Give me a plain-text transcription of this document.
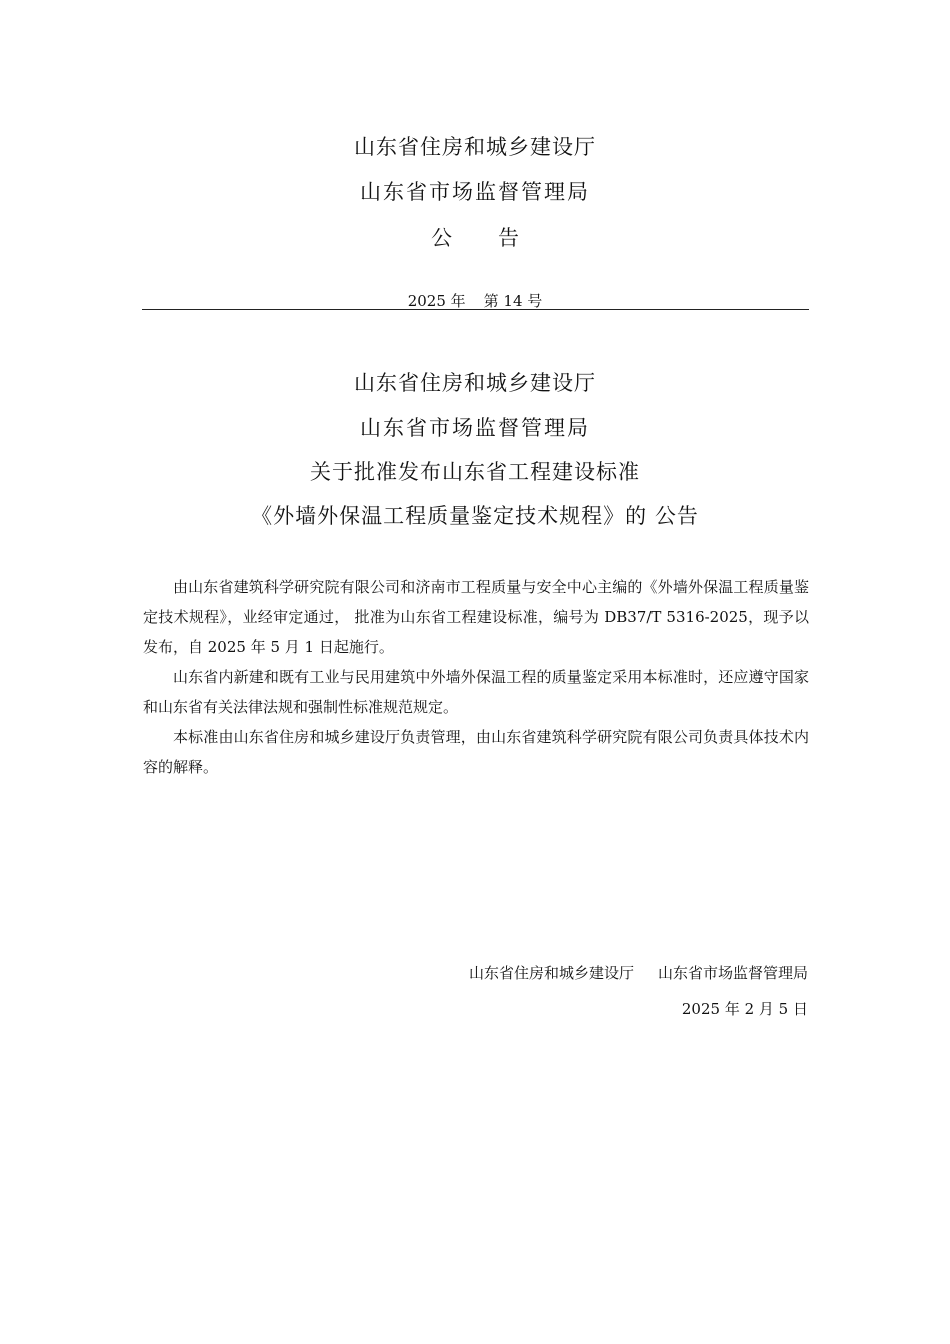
山东省住房和城乡建设厅
山东省市场监督管理局
公 告
2025 年 第 14 号
山东省住房和城乡建设厅
山东省市场监督管理局
关于批准发布山东省工程建设标准
《外墙外保温工程质量鉴定技术规程》的 公告

由山东省建筑科学研究院有限公司和济南市工程质量与安全中心主编的《外墙外保温工程质量鉴定技术规程》，业经审定通过， 批准为山东省工程建设标准，编号为 DB37/T 5316-2025，现予以发布，自 2025 年 5 月 1 日起施行。

山东省内新建和既有工业与民用建筑中外墙外保温工程的质量鉴定采用本标准时，还应遵守国家和山东省有关法律法规和强制性标准规范规定。

本标准由山东省住房和城乡建设厅负责管理，由山东省建筑科学研究院有限公司负责具体技术内容的解释。

山东省住房和城乡建设厅 山东省市场监督管理局
2025 年 2 月 5 日
